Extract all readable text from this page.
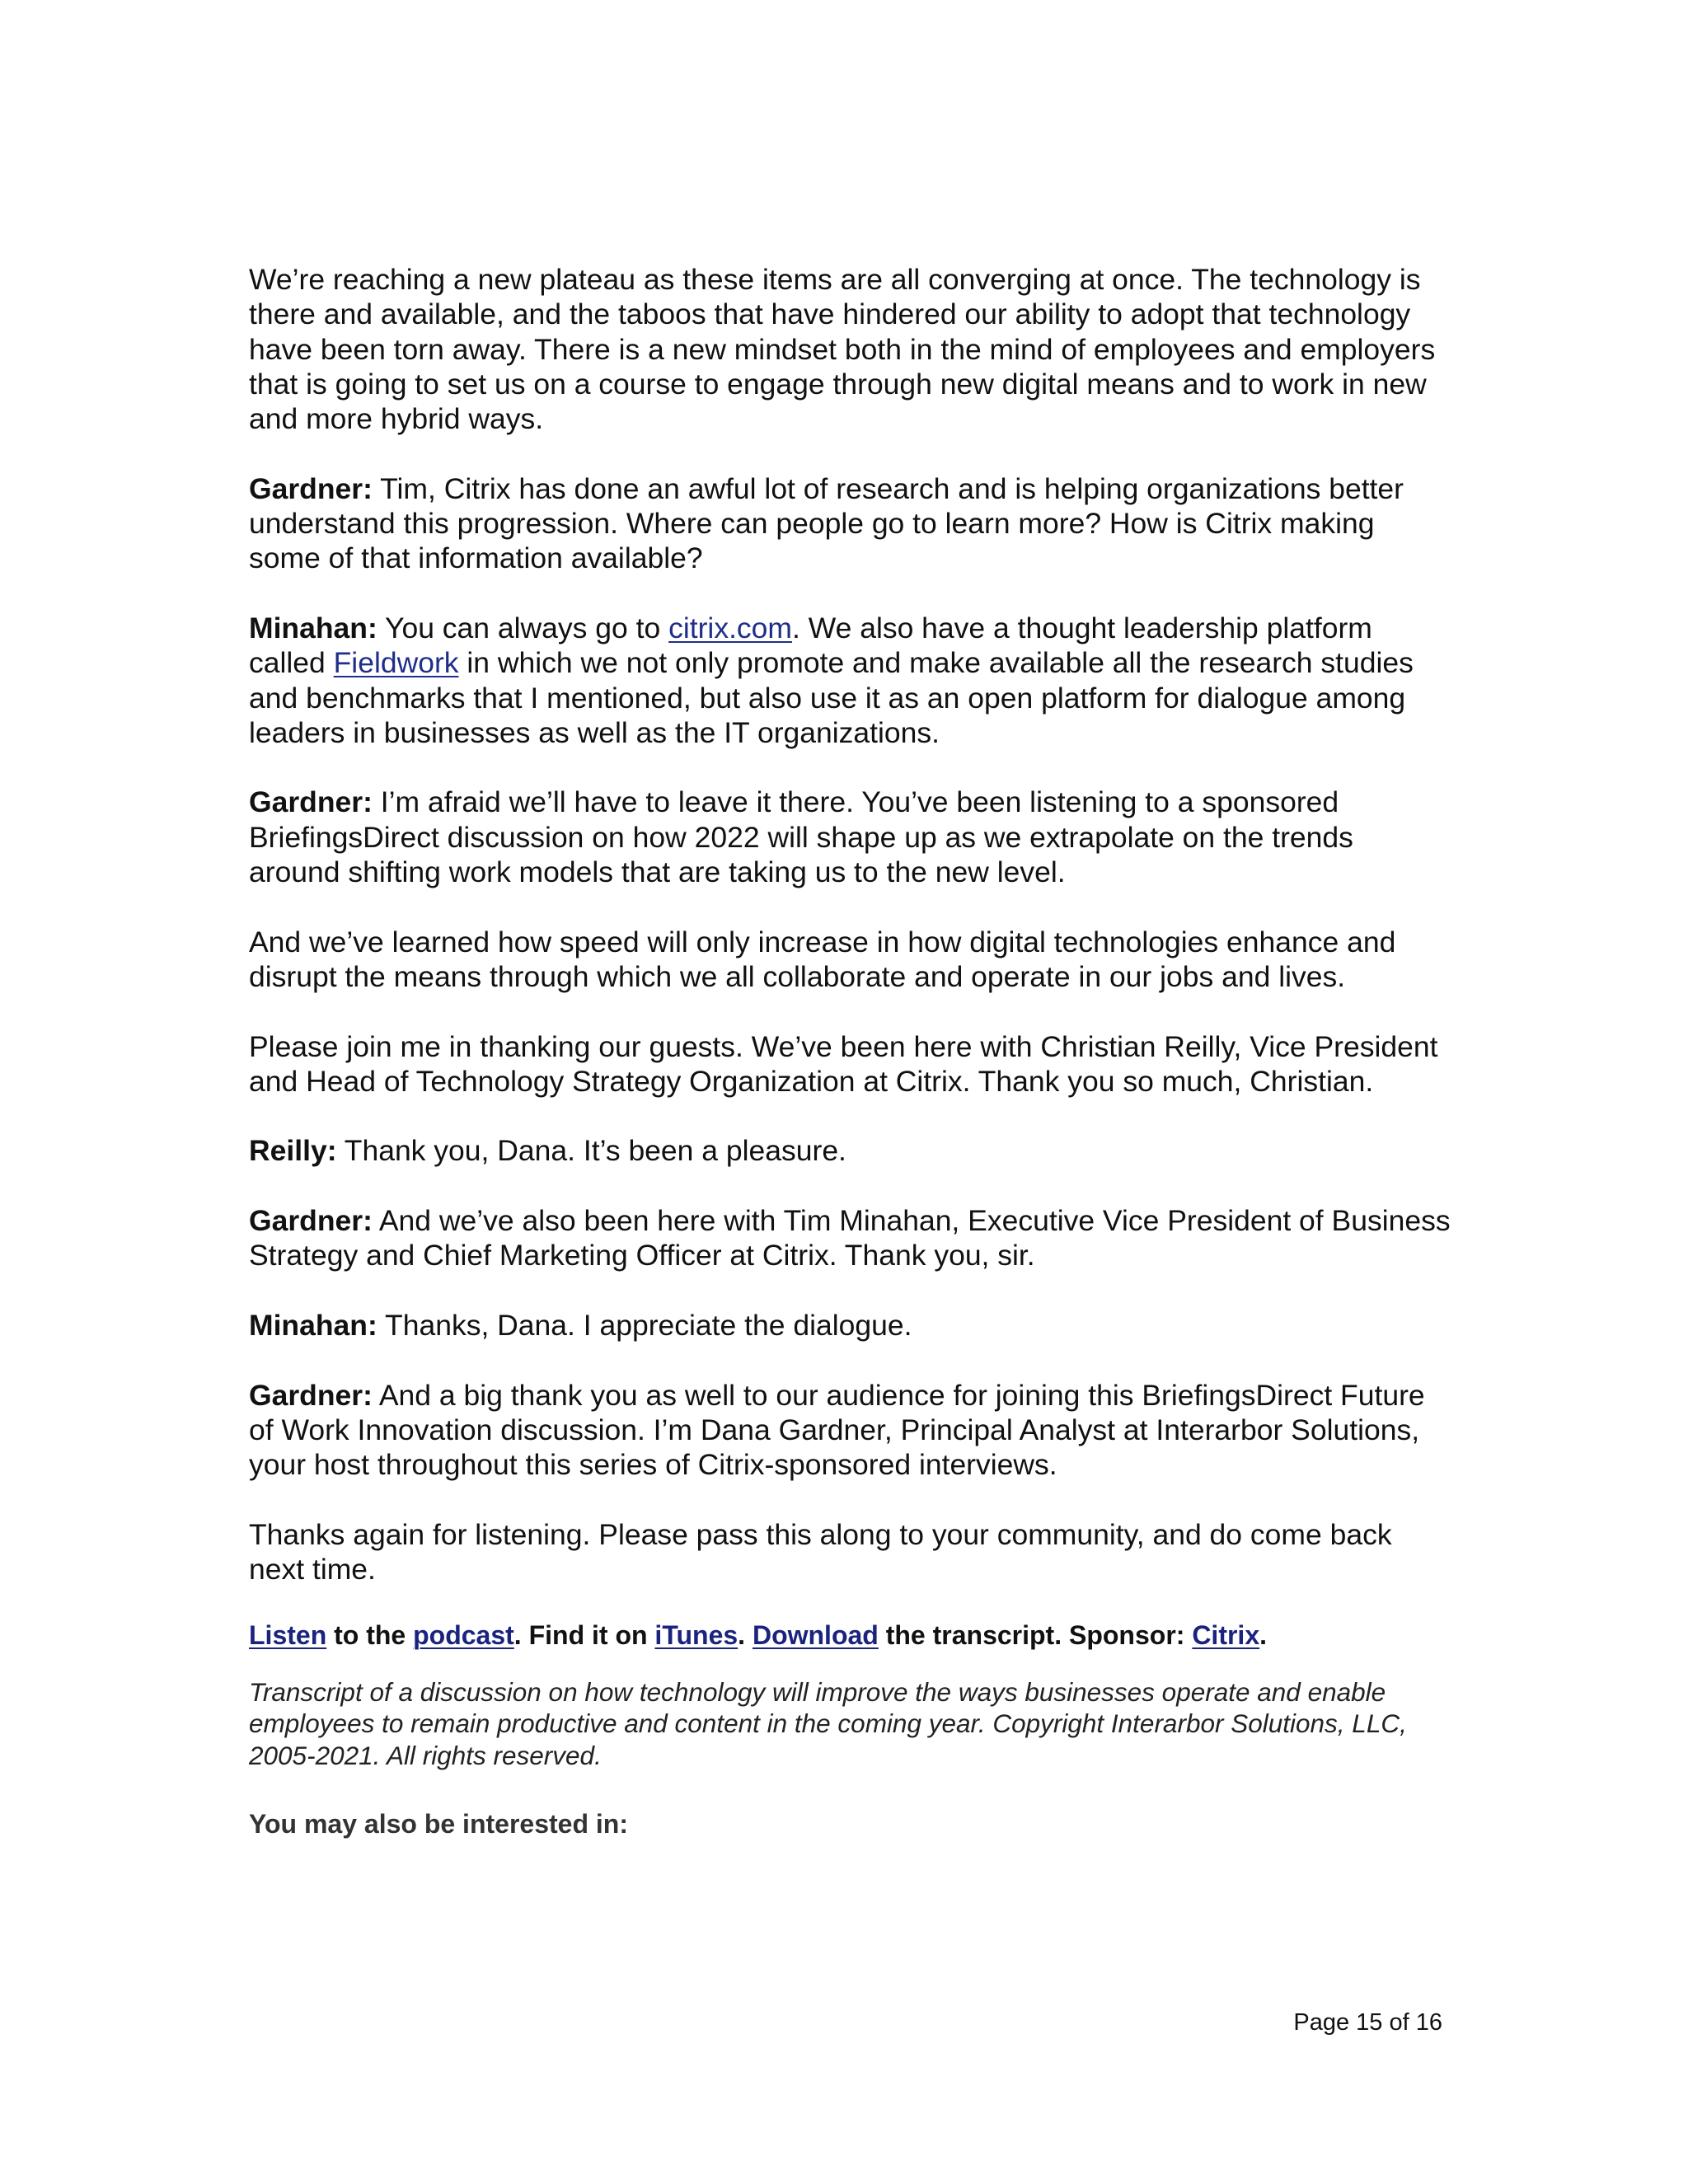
We’re reaching a new plateau as these items are all converging at once. The technology is there and available, and the taboos that have hindered our ability to adopt that technology have been torn away. There is a new mindset both in the mind of employees and employers that is going to set us on a course to engage through new digital means and to work in new and more hybrid ways.

Gardner: Tim, Citrix has done an awful lot of research and is helping organizations better understand this progression. Where can people go to learn more? How is Citrix making some of that information available?

Minahan: You can always go to citrix.com. We also have a thought leadership platform called Fieldwork in which we not only promote and make available all the research studies and benchmarks that I mentioned, but also use it as an open platform for dialogue among leaders in businesses as well as the IT organizations.

Gardner: I’m afraid we’ll have to leave it there. You’ve been listening to a sponsored BriefingsDirect discussion on how 2022 will shape up as we extrapolate on the trends around shifting work models that are taking us to the new level.

And we’ve learned how speed will only increase in how digital technologies enhance and disrupt the means through which we all collaborate and operate in our jobs and lives.

Please join me in thanking our guests. We’ve been here with Christian Reilly, Vice President and Head of Technology Strategy Organization at Citrix. Thank you so much, Christian.

Reilly: Thank you, Dana. It’s been a pleasure.

Gardner: And we’ve also been here with Tim Minahan, Executive Vice President of Business Strategy and Chief Marketing Officer at Citrix. Thank you, sir.

Minahan: Thanks, Dana. I appreciate the dialogue.

Gardner: And a big thank you as well to our audience for joining this BriefingsDirect Future of Work Innovation discussion. I’m Dana Gardner, Principal Analyst at Interarbor Solutions, your host throughout this series of Citrix-sponsored interviews.

Thanks again for listening. Please pass this along to your community, and do come back next time.

Listen to the podcast. Find it on iTunes. Download the transcript. Sponsor: Citrix.

Transcript of a discussion on how technology will improve the ways businesses operate and enable employees to remain productive and content in the coming year. Copyright Interarbor Solutions, LLC, 2005-2021. All rights reserved.

You may also be interested in:

Page 15 of 16
